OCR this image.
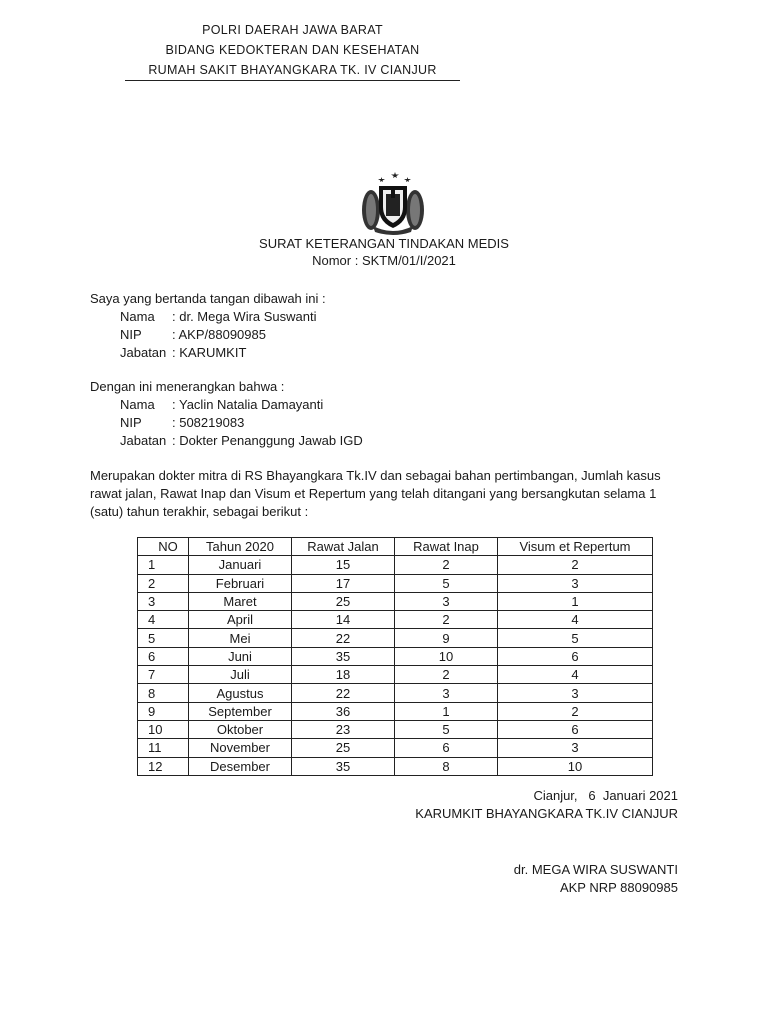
POLRI DAERAH JAWA BARAT
BIDANG KEDOKTERAN DAN KESEHATAN
RUMAH SAKIT BHAYANGKARA TK. IV CIANJUR
SURAT KETERANGAN TINDAKAN MEDIS
Nomor : SKTM/01/I/2021
Saya yang bertanda tangan dibawah ini :
Nama	: dr. Mega Wira Suswanti
NIP	: AKP/88090985
Jabatan : KARUMKIT
Dengan ini menerangkan bahwa :
Nama	: Yaclin Natalia Damayanti
NIP	: 508219083
Jabatan : Dokter Penanggung Jawab IGD
Merupakan dokter mitra di RS Bhayangkara Tk.IV dan sebagai bahan pertimbangan, Jumlah kasus rawat jalan, Rawat Inap dan Visum et Repertum yang telah ditangani yang bersangkutan selama 1 (satu) tahun terakhir, sebagai berikut :
NO	Tahun 2020	Rawat Jalan	Rawat Inap	Visum et Repertum
1	Januari	15	2	2
2	Februari	17	5	3
3	Maret	25	3	1
4	April	14	2	4
5	Mei	22	9	5
6	Juni	35	10	6
7	Juli	18	2	4
8	Agustus	22	3	3
9	September	36	1	2
10	Oktober	23	5	6
11	November	25	6	3
12	Desember	35	8	10
Cianjur,   6  Januari 2021
KARUMKIT BHAYANGKARA TK.IV CIANJUR
dr. MEGA WIRA SUSWANTI
AKP NRP 88090985
